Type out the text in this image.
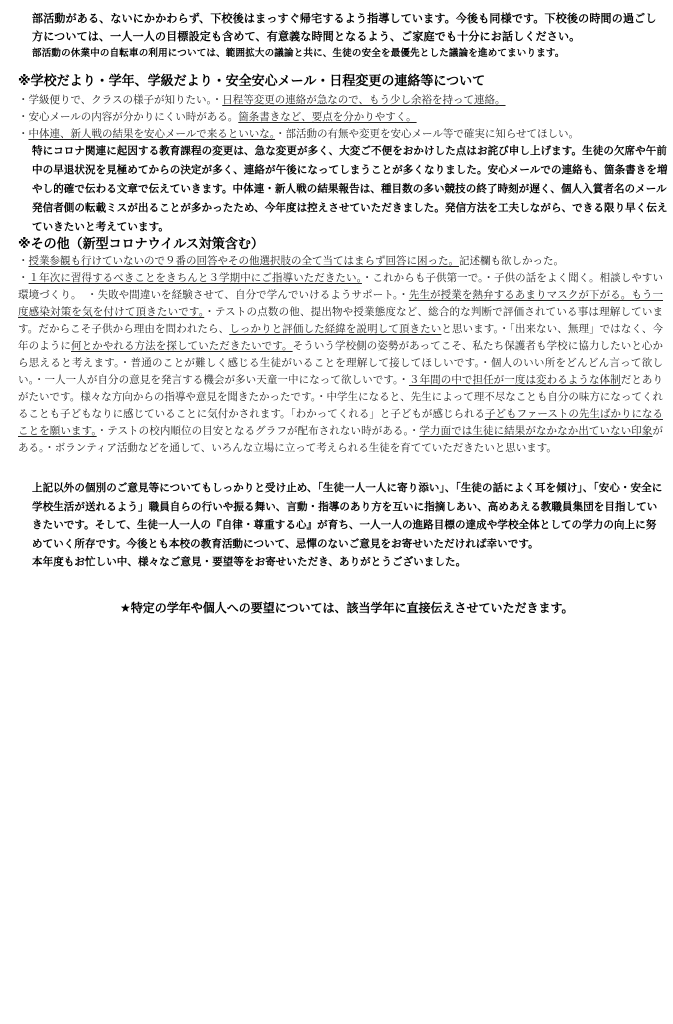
部活動がある、ないにかかわらず、下校後はまっすぐ帰宅するよう指導しています。今後も同様です。下校後の時間の過ごし方については、一人一人の目標設定も含めて、有意義な時間となるよう、ご家庭でも十分にお話しください。

部活動の休業中の自転車の利用については、範囲拡大の議論と共に、生徒の安全を最優先とした議論を進めてまいります。

※学校だより・学年、学級だより・安全安心メール・日程変更の連絡等について

・学級便りで、クラスの様子が知りたい。・日程等変更の連絡が急なので、もう少し余裕を持って連絡。

・安心メールの内容が分かりにくい時がある。箇条書きなど、要点を分かりやすく。

・中体連、新人戦の結果を安心メールで来るといいな。・部活動の有無や変更を安心メール等で確実に知らせてほしい。

特にコロナ関連に起因する教育課程の変更は、急な変更が多く、大変ご不便をおかけした点はお詫び申し上げます。生徒の欠席や午前中の早退状況を見極めてからの決定が多く、連絡が午後になってしまうことが多くなりました。安心メールでの連絡も、箇条書きを増やし的確で伝わる文章で伝えていきます。中体連・新人戦の結果報告は、種目数の多い競技の終了時刻が遅く、個人入賞者名のメール発信者側の転載ミスが出ることが多かったため、今年度は控えさせていただきました。発信方法を工夫しながら、できる限り早く伝えていきたいと考えています。
※その他（新型コロナウイルス対策含む）

・授業参観も行けていないので９番の回答やその他選択肢の全て当てはまらず回答に困った。記述欄も欲しかった。

・１年次に習得するべきことをきちんと３学期中にご指導いただきたい。・これからも子供第一で。・子供の話をよく聞く。相談しやすい環境づくり。　・失敗や間違いを経験させて、自分で学んでいけるようサポート。・先生が授業を熱弁するあまりマスクが下がる。もう一度感染対策を気を付けて頂きたいです。・テストの点数の他、提出物や授業態度など、総合的な判断で評価されている事は理解しています。だからこそ子供から理由を問われたら、しっかりと評価した経緯を説明して頂きたいと思います。・「出来ない、無理」ではなく、今年のように何とかやれる方法を探していただきたいです。そういう学校側の姿勢があってこそ、私たち保護者も学校に協力したいと心から思えると考えます。・普通のことが難しく感じる生徒がいることを理解して接してほしいです。・個人のいい所をどんどん言って欲しい。・一人一人が自分の意見を発言する機会が多い天童一中になって欲しいです。・３年間の中で担任が一度は変わるような体制だとありがたいです。様々な方向からの指導や意見を聞きたかったです。・中学生になると、先生によって理不尽なことも自分の味方になってくれることも子どもなりに感じていることに気付かされます。「わかってくれる」と子どもが感じられる子どもファーストの先生ばかりになることを願います。・テストの校内順位の目安となるグラフが配布されない時がある。・学力面では生徒に結果がなかなか出ていない印象がある。・ボランティア活動などを通して、いろんな立場に立って考えられる生徒を育てていただきたいと思います。

上記以外の個別のご意見等についてもしっかりと受け止め、「生徒一人一人に寄り添い」、「生徒の話によく耳を傾け」、「安心・安全に学校生活が送れるよう」職員自らの行いや振る舞い、言動・指導のあり方を互いに指摘しあい、高めあえる教職員集団を目指していきたいです。そして、生徒一人一人の『自律・尊重する心』が育ち、一人一人の進路目標の達成や学校全体としての学力の向上に努めていく所存です。今後とも本校の教育活動について、忌憚のないご意見をお寄せいただければ幸いです。

本年度もお忙しい中、様々なご意見・要望等をお寄せいただき、ありがとうございました。

★特定の学年や個人への要望については、該当学年に直接伝えさせていただきます。
